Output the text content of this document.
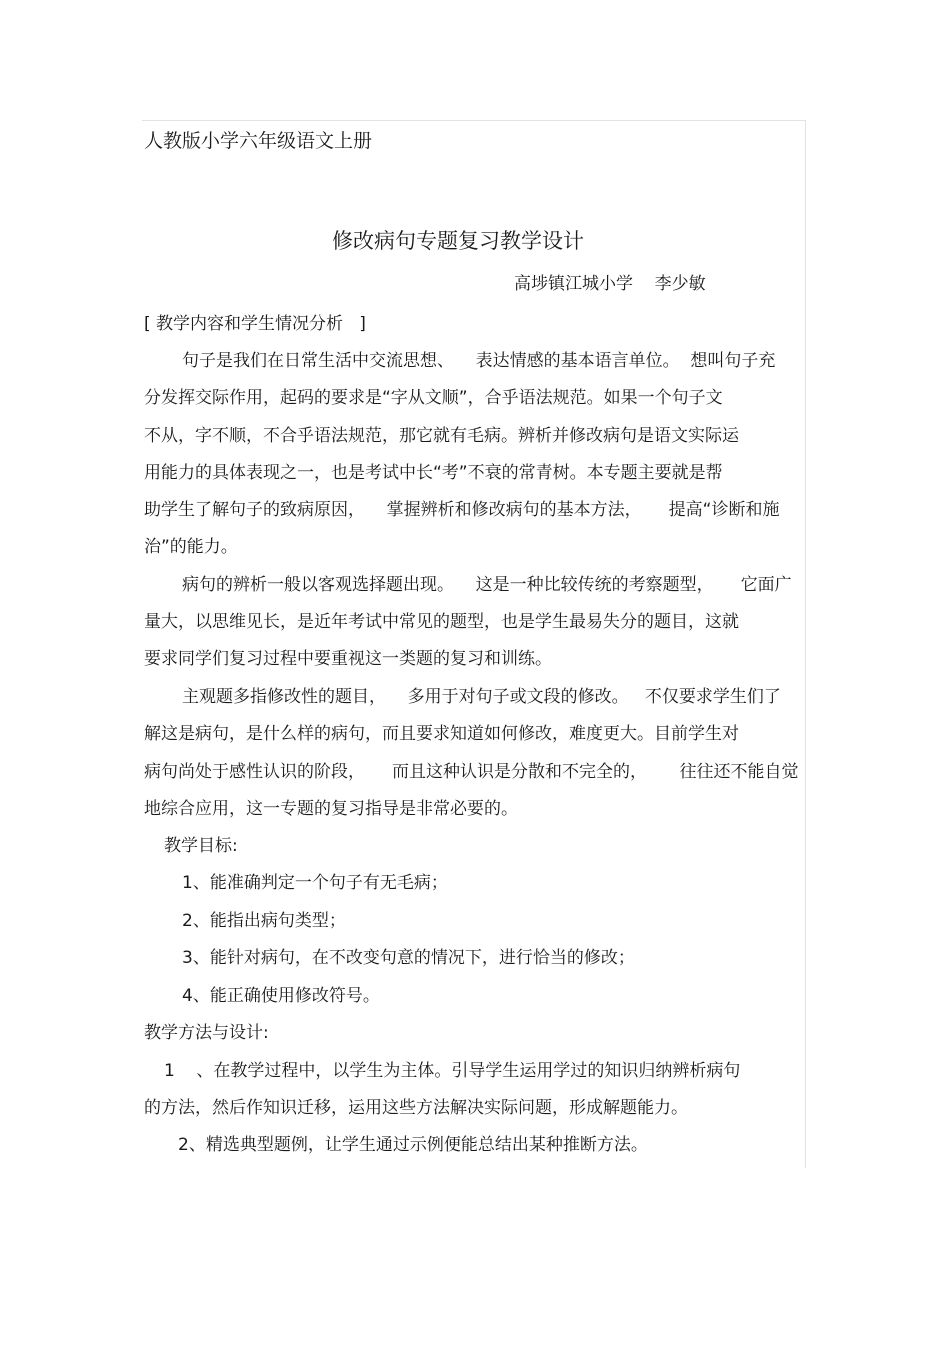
人教版小学六年级语文上册
修改病句专题复习教学设计
高埗镇江城小学    李少敏
[ 教学内容和学生情况分析   ]
句子是我们在日常生活中交流思想、    表达情感的基本语言单位。  想叫句子充
分发挥交际作用，起码的要求是“字从文顺”，合乎语法规范。如果一个句子文
不从，字不顺，不合乎语法规范，那它就有毛病。辨析并修改病句是语文实际运
用能力的具体表现之一，也是考试中长“考”不衰的常青树。本专题主要就是帮
助学生了解句子的致病原因，    掌握辨析和修改病句的基本方法，     提高“诊断和施
治”的能力。
病句的辨析一般以客观选择题出现。    这是一种比较传统的考察题型，     它面广
量大，以思维见长，是近年考试中常见的题型，也是学生最易失分的题目，这就
要求同学们复习过程中要重视这一类题的复习和训练。
主观题多指修改性的题目，    多用于对句子或文段的修改。   不仅要求学生们了
解这是病句，是什么样的病句，而且要求知道如何修改，难度更大。目前学生对
病句尚处于感性认识的阶段，     而且这种认识是分散和不完全的，      往往还不能自觉
地综合应用，这一专题的复习指导是非常必要的。
教学目标:
1、能准确判定一个句子有无毛病；
2、能指出病句类型；
3、能针对病句，在不改变句意的情况下，进行恰当的修改；
4、能正确使用修改符号。
教学方法与设计:
1    、在教学过程中，以学生为主体。引导学生运用学过的知识归纳辨析病句
的方法，然后作知识迁移，运用这些方法解决实际问题，形成解题能力。
2、精选典型题例，让学生通过示例便能总结出某种推断方法。
